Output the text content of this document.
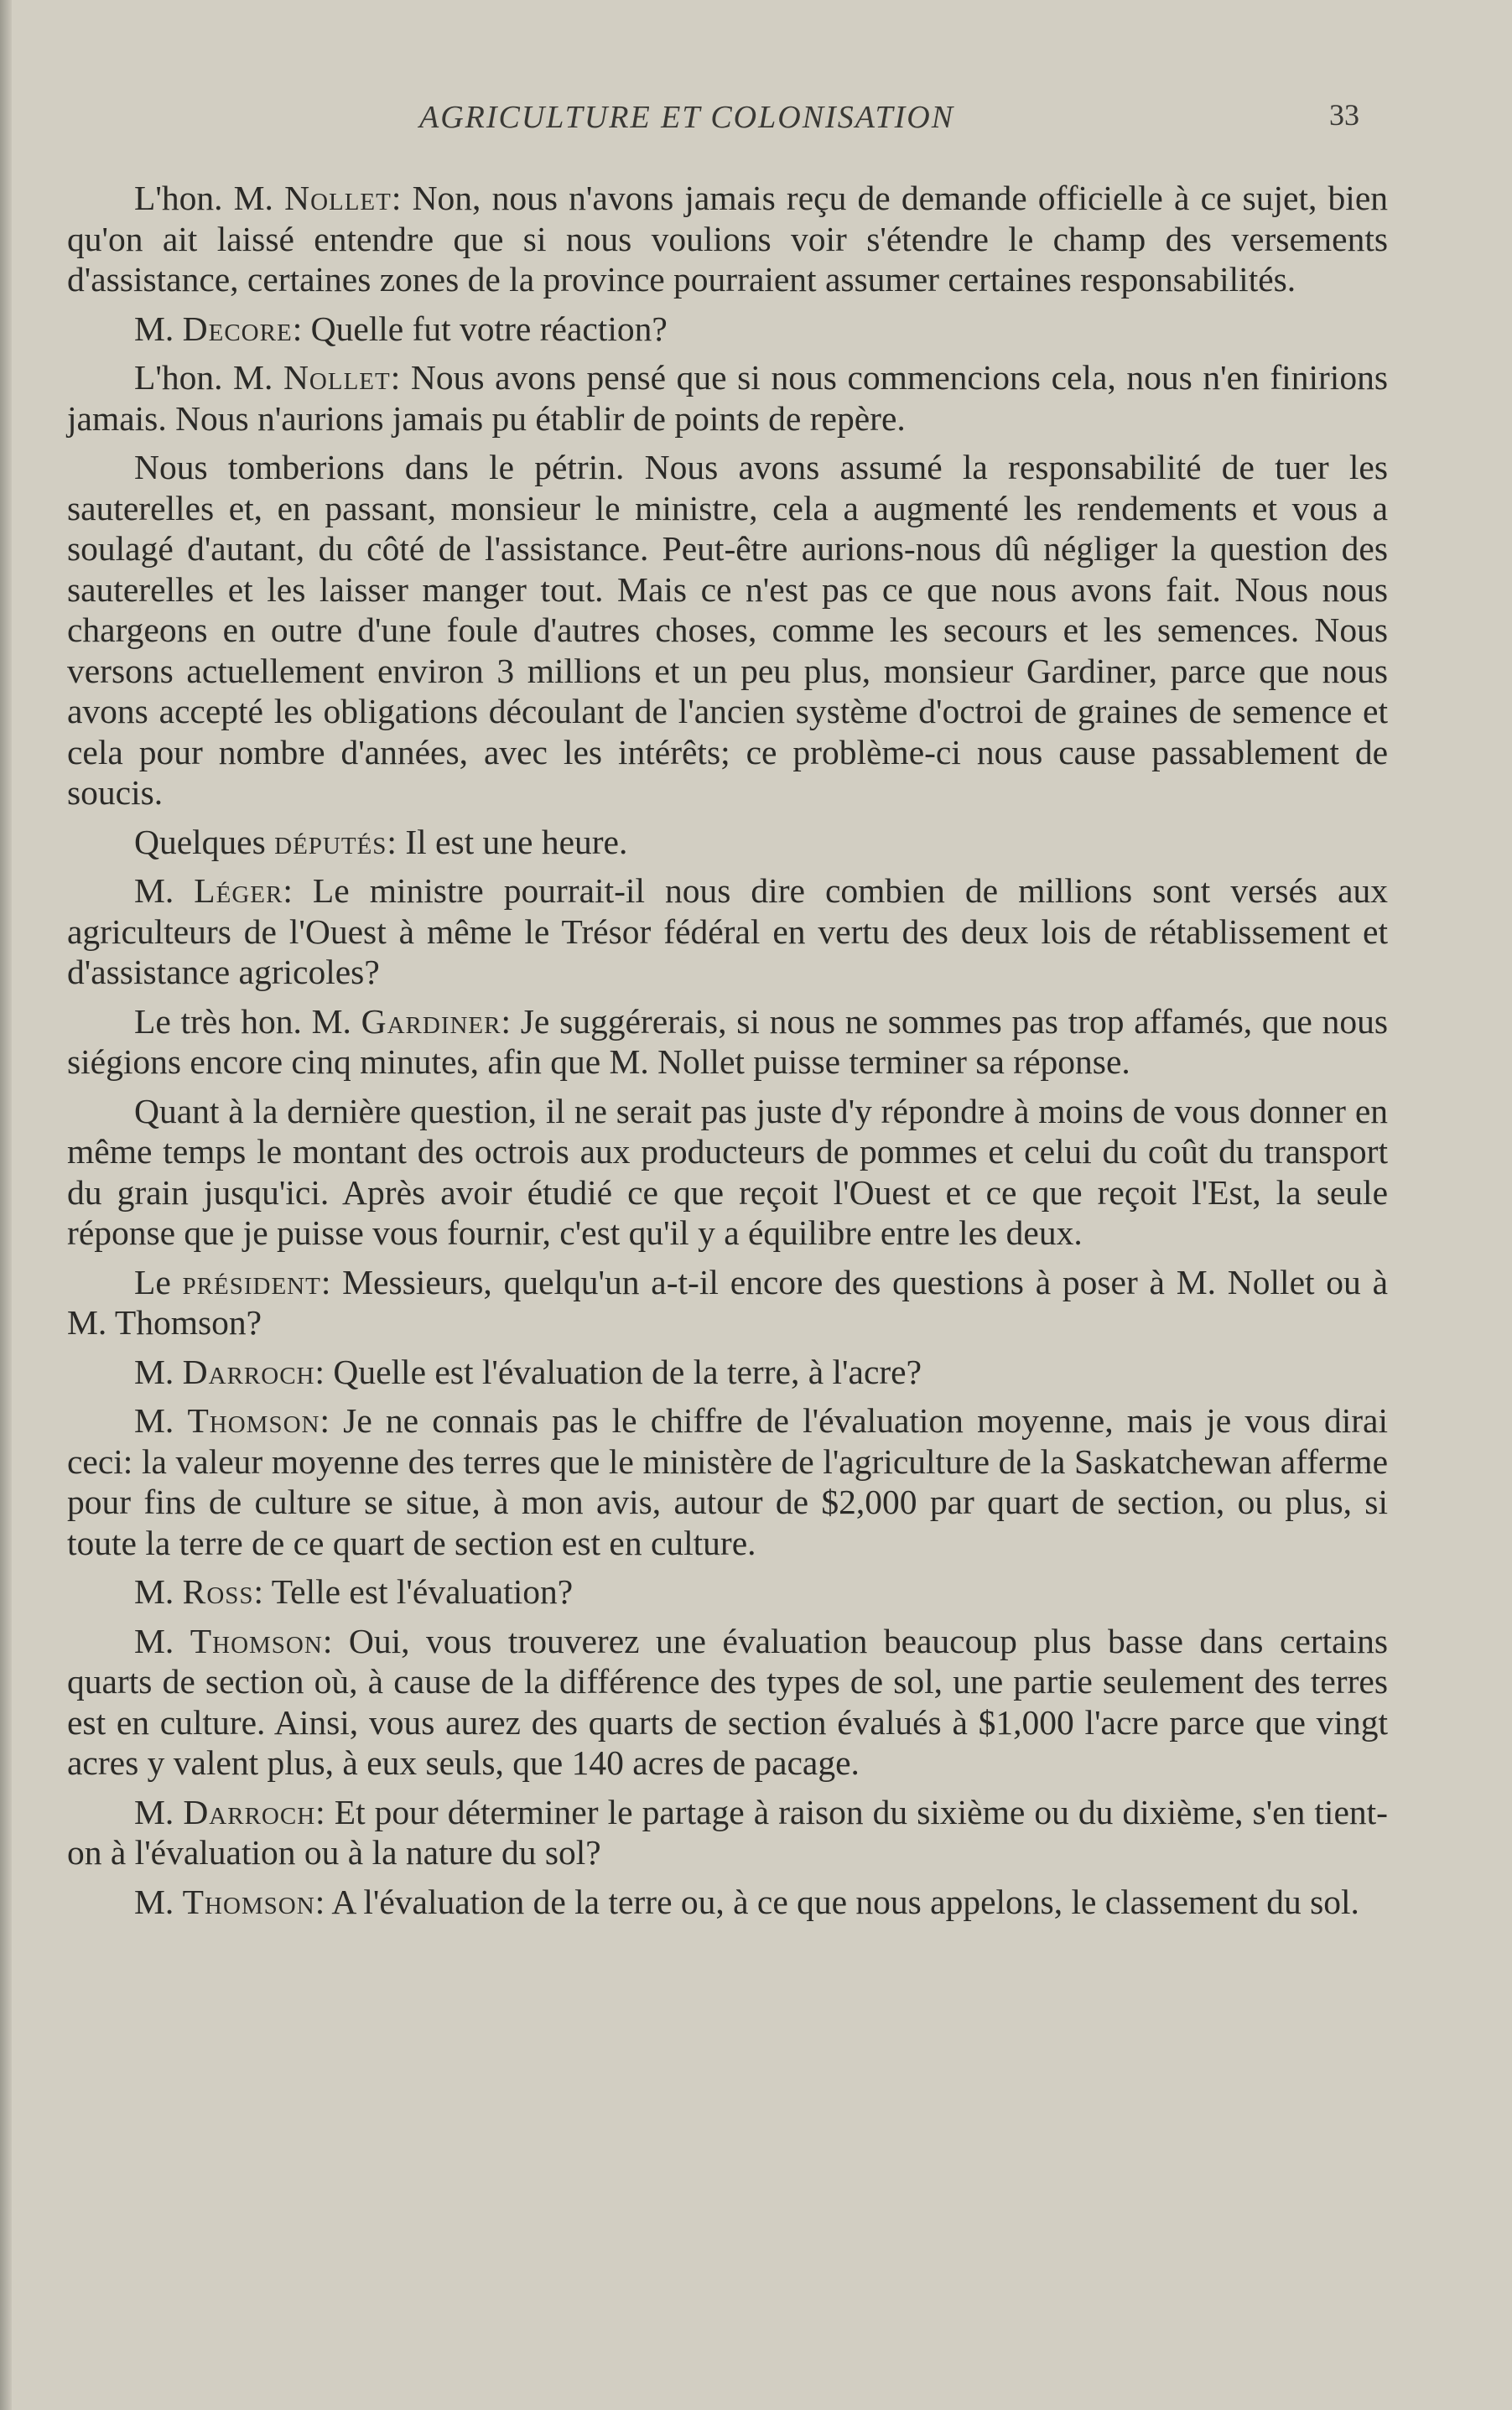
AGRICULTURE ET COLONISATION	33

L'hon. M. Nollet: Non, nous n'avons jamais reçu de demande officielle à ce sujet, bien qu'on ait laissé entendre que si nous voulions voir s'étendre le champ des versements d'assistance, certaines zones de la province pourraient assumer certaines responsabilités.

M. Decore: Quelle fut votre réaction?

L'hon. M. Nollet: Nous avons pensé que si nous commencions cela, nous n'en finirions jamais. Nous n'aurions jamais pu établir de points de repère.

Nous tomberions dans le pétrin. Nous avons assumé la responsabilité de tuer les sauterelles et, en passant, monsieur le ministre, cela a augmenté les rendements et vous a soulagé d'autant, du côté de l'assistance. Peut-être aurions-nous dû négliger la question des sauterelles et les laisser manger tout. Mais ce n'est pas ce que nous avons fait. Nous nous chargeons en outre d'une foule d'autres choses, comme les secours et les semences. Nous versons actuellement environ 3 millions et un peu plus, monsieur Gardiner, parce que nous avons accepté les obligations découlant de l'ancien système d'octroi de graines de semence et cela pour nombre d'années, avec les intérêts; ce problème-ci nous cause passablement de soucis.

Quelques députés: Il est une heure.

M. Léger: Le ministre pourrait-il nous dire combien de millions sont versés aux agriculteurs de l'Ouest à même le Trésor fédéral en vertu des deux lois de rétablissement et d'assistance agricoles?

Le très hon. M. Gardiner: Je suggérerais, si nous ne sommes pas trop affamés, que nous siégions encore cinq minutes, afin que M. Nollet puisse terminer sa réponse.

Quant à la dernière question, il ne serait pas juste d'y répondre à moins de vous donner en même temps le montant des octrois aux producteurs de pommes et celui du coût du transport du grain jusqu'ici. Après avoir étudié ce que reçoit l'Ouest et ce que reçoit l'Est, la seule réponse que je puisse vous fournir, c'est qu'il y a équilibre entre les deux.

Le président: Messieurs, quelqu'un a-t-il encore des questions à poser à M. Nollet ou à M. Thomson?

M. Darroch: Quelle est l'évaluation de la terre, à l'acre?

M. Thomson: Je ne connais pas le chiffre de l'évaluation moyenne, mais je vous dirai ceci: la valeur moyenne des terres que le ministère de l'agriculture de la Saskatchewan afferme pour fins de culture se situe, à mon avis, autour de $2,000 par quart de section, ou plus, si toute la terre de ce quart de section est en culture.

M. Ross: Telle est l'évaluation?

M. Thomson: Oui, vous trouverez une évaluation beaucoup plus basse dans certains quarts de section où, à cause de la différence des types de sol, une partie seulement des terres est en culture. Ainsi, vous aurez des quarts de section évalués à $1,000 l'acre parce que vingt acres y valent plus, à eux seuls, que 140 acres de pacage.

M. Darroch: Et pour déterminer le partage à raison du sixième ou du dixième, s'en tient-on à l'évaluation ou à la nature du sol?

M. Thomson: A l'évaluation de la terre ou, à ce que nous appelons, le classement du sol.
